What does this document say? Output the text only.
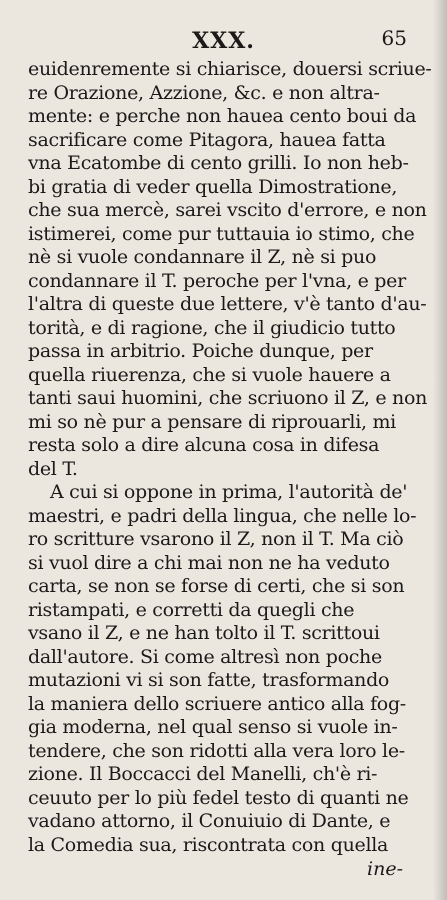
XXX.	65
euidenremente si chiarisce, douersi scriue-
re Orazione, Azzione, &c. e non altra-
mente: e perche non hauea cento boui da
sacrificare come Pitagora, hauea fatta
vna Ecatombe di cento grilli. Io non heb-
bi gratia di veder quella Dimostratione,
che sua mercè, sarei vscito d'errore, e non
istimerei, come pur tuttauia io stimo, che
nè si vuole condannare il Z, nè si puo
condannare il T. peroche per l'vna, e per
l'altra di queste due lettere, v'è tanto d'au-
torità, e di ragione, che il giudicio tutto
passa in arbitrio. Poiche dunque, per
quella riuerenza, che si vuole hauere a
tanti saui huomini, che scriuono il Z, e non
mi so nè pur a pensare di riprouarli, mi
resta solo a dire alcuna cosa in difesa
del T.
A cui si oppone in prima, l'autorità de'
maestri, e padri della lingua, che nelle lo-
ro scritture vsarono il Z, non il T. Ma ciò
si vuol dire a chi mai non ne ha veduto
carta, se non se forse di certi, che si son
ristampati, e corretti da quegli che
vsano il Z, e ne han tolto il T. scrittoui
dall'autore. Si come altresì non poche
mutazioni vi si son fatte, trasformando
la maniera dello scriuere antico alla fog-
gia moderna, nel qual senso si vuole in-
tendere, che son ridotti alla vera loro le-
zione. Il Boccacci del Manelli, ch'è ri-
ceuuto per lo più fedel testo di quanti ne
vadano attorno, il Conuiuio di Dante, e
la Comedia sua, riscontrata con quella
ine-
